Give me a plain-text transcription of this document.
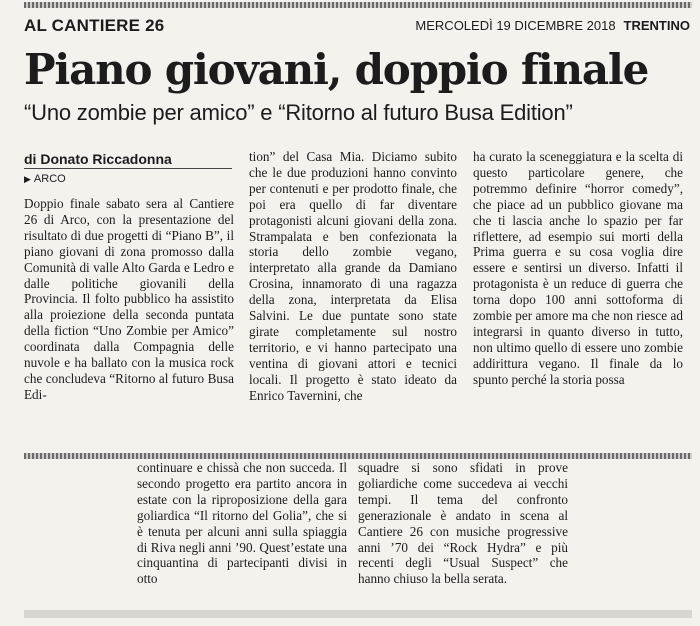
AL CANTIERE 26	MERCOLEDÌ 19 DICEMBRE 2018 TRENTINO
Piano giovani, doppio finale
“Uno zombie per amico” e “Ritorno al futuro Busa Edition”
di Donato Riccadonna
▶ ARCO

Doppio finale sabato sera al Cantiere 26 di Arco, con la presentazione del risultato di due progetti di “Piano B”, il piano giovani di zona promosso dalla Comunità di valle Alto Garda e Ledro e dalle politiche giovanili della Provincia. Il folto pubblico ha assistito alla proiezione della seconda puntata della fiction “Uno Zombie per Amico” coordinata dalla Compagnia delle nuvole e ha ballato con la musica rock che concludeva “Ritorno al futuro Busa Edi-

tion” del Casa Mia. Diciamo subito che le due produzioni hanno convinto per contenuti e per prodotto finale, che poi era quello di far diventare protagonisti alcuni giovani della zona. Strampalata e ben confezionata la storia dello zombie vegano, interpretato alla grande da Damiano Crosina, innamorato di una ragazza della zona, interpretata da Elisa Salvini. Le due puntate sono state girate completamente sul nostro territorio, e vi hanno partecipato una ventina di giovani attori e tecnici locali. Il progetto è stato ideato da Enrico Tavernini, che

ha curato la sceneggiatura e la scelta di questo particolare genere, che potremmo definire “horror comedy”, che piace ad un pubblico giovane ma che ti lascia anche lo spazio per far riflettere, ad esempio sui morti della Prima guerra e su cosa voglia dire essere e sentirsi un diverso. Infatti il protagonista è un reduce di guerra che torna dopo 100 anni sottoforma di zombie per amore ma che non riesce ad integrarsi in quanto diverso in tutto, non ultimo quello di essere uno zombie addirittura vegano. Il finale da lo spunto perché la storia possa

continuare e chissà che non succeda. Il secondo progetto era partito ancora in estate con la riproposizione della gara goliardica “Il ritorno del Golia”, che si è tenuta per alcuni anni sulla spiaggia di Riva negli anni ’90. Quest’estate una cinquantina di partecipanti divisi in otto

squadre si sono sfidati in prove goliardiche come succedeva ai vecchi tempi. Il tema del confronto generazionale è andato in scena al Cantiere 26 con musiche progressive anni ’70 dei “Rock Hydra” e più recenti degli “Usual Suspect” che hanno chiuso la bella serata.
